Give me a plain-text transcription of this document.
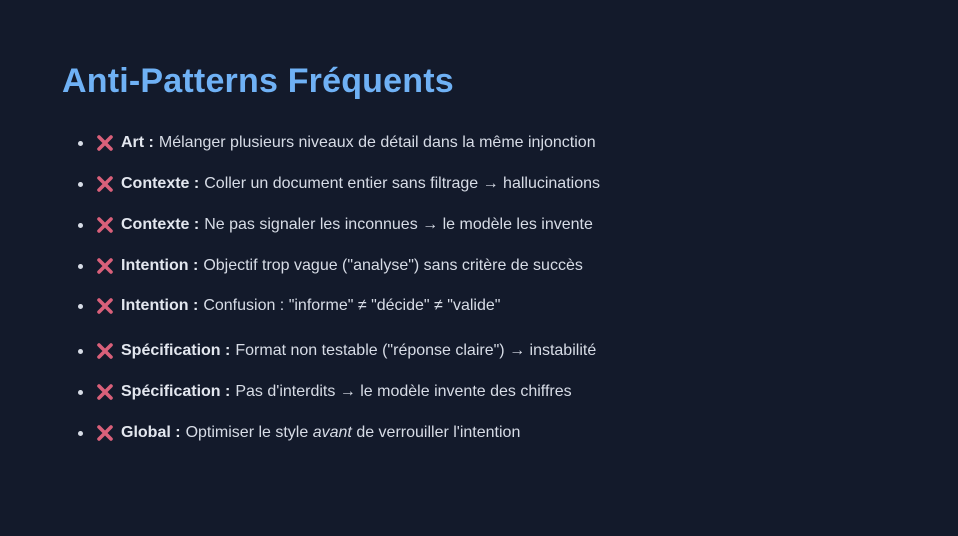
Anti-Patterns Fréquents
Art : Mélanger plusieurs niveaux de détail dans la même injonction
Contexte : Coller un document entier sans filtrage → hallucinations
Contexte : Ne pas signaler les inconnues → le modèle les invente
Intention : Objectif trop vague ("analyse") sans critère de succès
Intention : Confusion : "informe" ≠ "décide" ≠ "valide"
Spécification : Format non testable ("réponse claire") → instabilité
Spécification : Pas d'interdits → le modèle invente des chiffres
Global : Optimiser le style avant de verrouiller l'intention
